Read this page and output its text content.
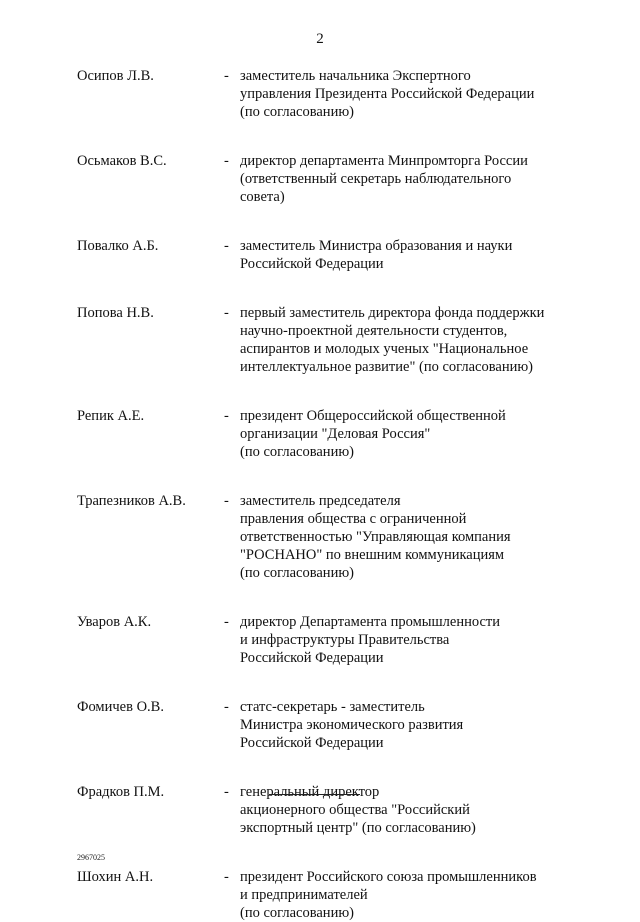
2
Осипов Л.В.	- заместитель начальника Экспертного
управления Президента Российской Федерации
(по согласованию)
Осьмаков В.С.	- директор департамента Минпромторга России
(ответственный секретарь наблюдательного
совета)
Повалко А.Б.	- заместитель Министра образования и науки
Российской Федерации
Попова Н.В.	- первый заместитель директора фонда поддержки
научно-проектной деятельности студентов,
аспирантов и молодых ученых "Национальное
интеллектуальное развитие" (по согласованию)
Репик А.Е.	- президент Общероссийской общественной
организации "Деловая Россия"
(по согласованию)
Трапезников А.В.	- заместитель председателя
правления общества с ограниченной
ответственностью "Управляющая компания
"РОСНАНО" по внешним коммуникациям
(по согласованию)
Уваров А.К.	- директор Департамента промышленности
и инфраструктуры Правительства
Российской Федерации
Фомичев О.В.	- статс-секретарь - заместитель
Министра экономического развития
Российской Федерации
Фрадков П.М.	- генеральный директор
акционерного общества "Российский
экспортный центр" (по согласованию)
Шохин А.Н.	- президент Российского союза промышленников
и предпринимателей
(по согласованию)
2967025
